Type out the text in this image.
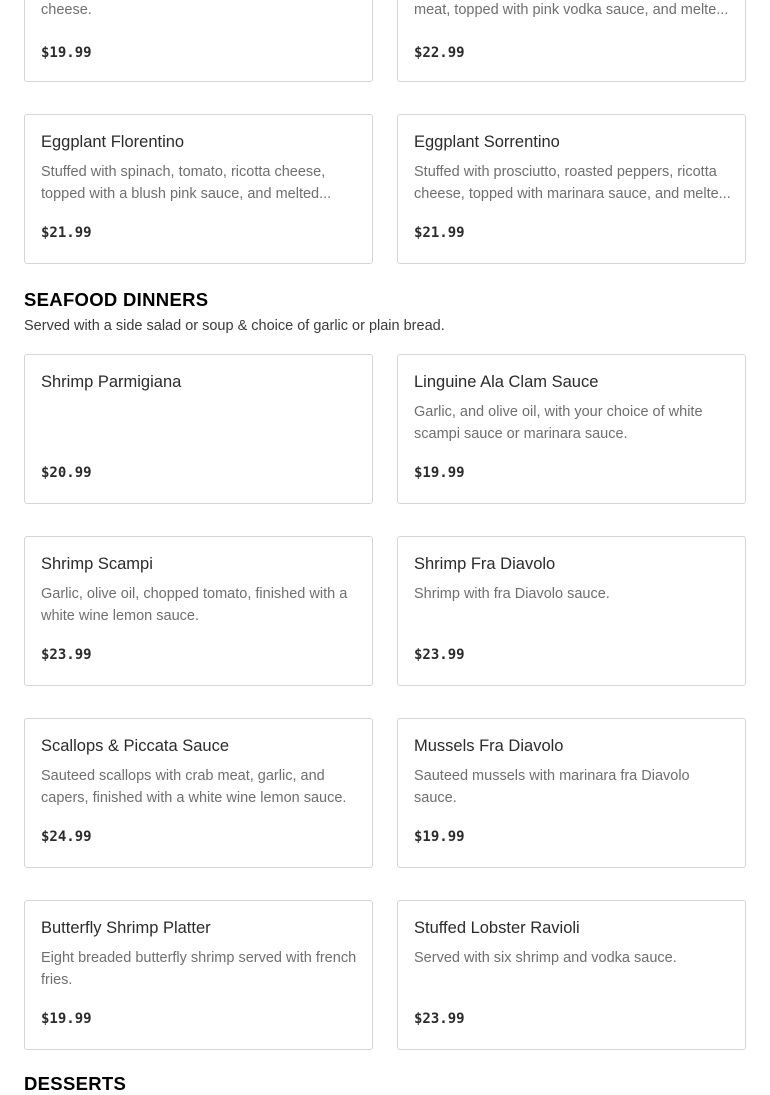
cheese.
$19.99
meat, topped with pink vodka sauce, and melte...
$22.99
Eggplant Florentino
Stuffed with spinach, tomato, ricotta cheese, topped with a blush pink sauce, and melted...
$21.99
Eggplant Sorrentino
Stuffed with prosciutto, roasted peppers, ricotta cheese, topped with marinara sauce, and melte...
$21.99
SEAFOOD DINNERS
Served with a side salad or soup & choice of garlic or plain bread.
Shrimp Parmigiana
$20.99
Linguine Ala Clam Sauce
Garlic, and olive oil, with your choice of white scampi sauce or marinara sauce.
$19.99
Shrimp Scampi
Garlic, olive oil, chopped tomato, finished with a white wine lemon sauce.
$23.99
Shrimp Fra Diavolo
Shrimp with fra Diavolo sauce.
$23.99
Scallops & Piccata Sauce
Sauteed scallops with crab meat, garlic, and capers, finished with a white wine lemon sauce.
$24.99
Mussels Fra Diavolo
Sauteed mussels with marinara fra Diavolo sauce.
$19.99
Butterfly Shrimp Platter
Eight breaded butterfly shrimp served with french fries.
$19.99
Stuffed Lobster Ravioli
Served with six shrimp and vodka sauce.
$23.99
DESSERTS
